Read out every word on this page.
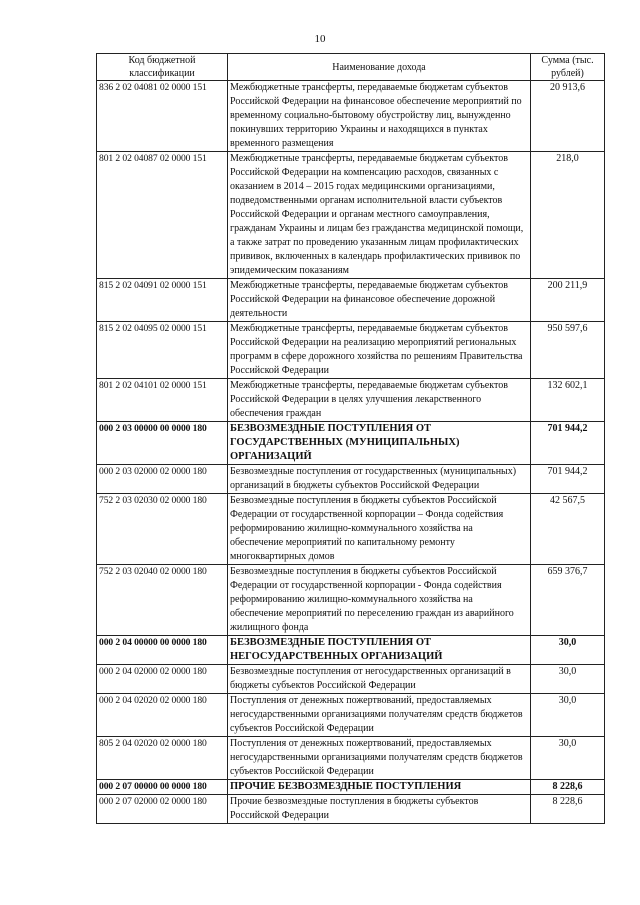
10
Код бюджетной классификации	Наименование дохода	Сумма (тыс. рублей)
836 2 02 04081 02 0000 151	Межбюджетные трансферты, передаваемые бюджетам субъектов Российской Федерации на финансовое обеспечение мероприятий по временному социально-бытовому обустройству лиц, вынужденно покинувших территорию Украины и находящихся в пунктах временного размещения	20 913,6
801 2 02 04087 02 0000 151	Межбюджетные трансферты, передаваемые бюджетам субъектов Российской Федерации на компенсацию расходов, связанных с оказанием в 2014 – 2015 годах медицинскими организациями, подведомственными органам исполнительной власти субъектов Российской Федерации и органам местного самоуправления, гражданам Украины и лицам без гражданства медицинской помощи, а также затрат по проведению указанным лицам профилактических прививок, включенных в календарь профилактических прививок по эпидемическим показаниям	218,0
815 2 02 04091 02 0000 151	Межбюджетные трансферты, передаваемые бюджетам субъектов Российской Федерации на финансовое обеспечение дорожной деятельности	200 211,9
815 2 02 04095 02 0000 151	Межбюджетные трансферты, передаваемые бюджетам субъектов Российской Федерации на реализацию мероприятий региональных программ в сфере дорожного хозяйства по решениям Правительства Российской Федерации	950 597,6
801 2 02 04101 02 0000 151	Межбюджетные трансферты, передаваемые бюджетам субъектов Российской Федерации в целях улучшения лекарственного обеспечения граждан	132 602,1
000 2 03 00000 00 0000 180	БЕЗВОЗМЕЗДНЫЕ ПОСТУПЛЕНИЯ ОТ ГОСУДАРСТВЕННЫХ (МУНИЦИПАЛЬНЫХ) ОРГАНИЗАЦИЙ	701 944,2
000 2 03 02000 02 0000 180	Безвозмездные поступления от государственных (муниципальных) организаций в бюджеты субъектов Российской Федерации	701 944,2
752 2 03 02030 02 0000 180	Безвозмездные поступления в бюджеты субъектов Российской Федерации от государственной корпорации – Фонда содействия реформированию жилищно-коммунального хозяйства на обеспечение мероприятий по капитальному ремонту многоквартирных домов	42 567,5
752 2 03 02040 02 0000 180	Безвозмездные поступления в бюджеты субъектов Российской Федерации от государственной корпорации - Фонда содействия реформированию жилищно-коммунального хозяйства на обеспечение мероприятий по переселению граждан из аварийного жилищного фонда	659 376,7
000 2 04 00000 00 0000 180	БЕЗВОЗМЕЗДНЫЕ ПОСТУПЛЕНИЯ ОТ НЕГОСУДАРСТВЕННЫХ ОРГАНИЗАЦИЙ	30,0
000 2 04 02000 02 0000 180	Безвозмездные поступления от негосударственных организаций в бюджеты субъектов Российской Федерации	30,0
000 2 04 02020 02 0000 180	Поступления от денежных пожертвований, предоставляемых негосударственными организациями получателям средств бюджетов субъектов Российской Федерации	30,0
805 2 04 02020 02 0000 180	Поступления от денежных пожертвований, предоставляемых негосударственными организациями получателям средств бюджетов субъектов Российской Федерации	30,0
000 2 07 00000 00 0000 180	ПРОЧИЕ БЕЗВОЗМЕЗДНЫЕ ПОСТУПЛЕНИЯ	8 228,6
000 2 07 02000 02 0000 180	Прочие безвозмездные поступления в бюджеты субъектов Российской Федерации	8 228,6
